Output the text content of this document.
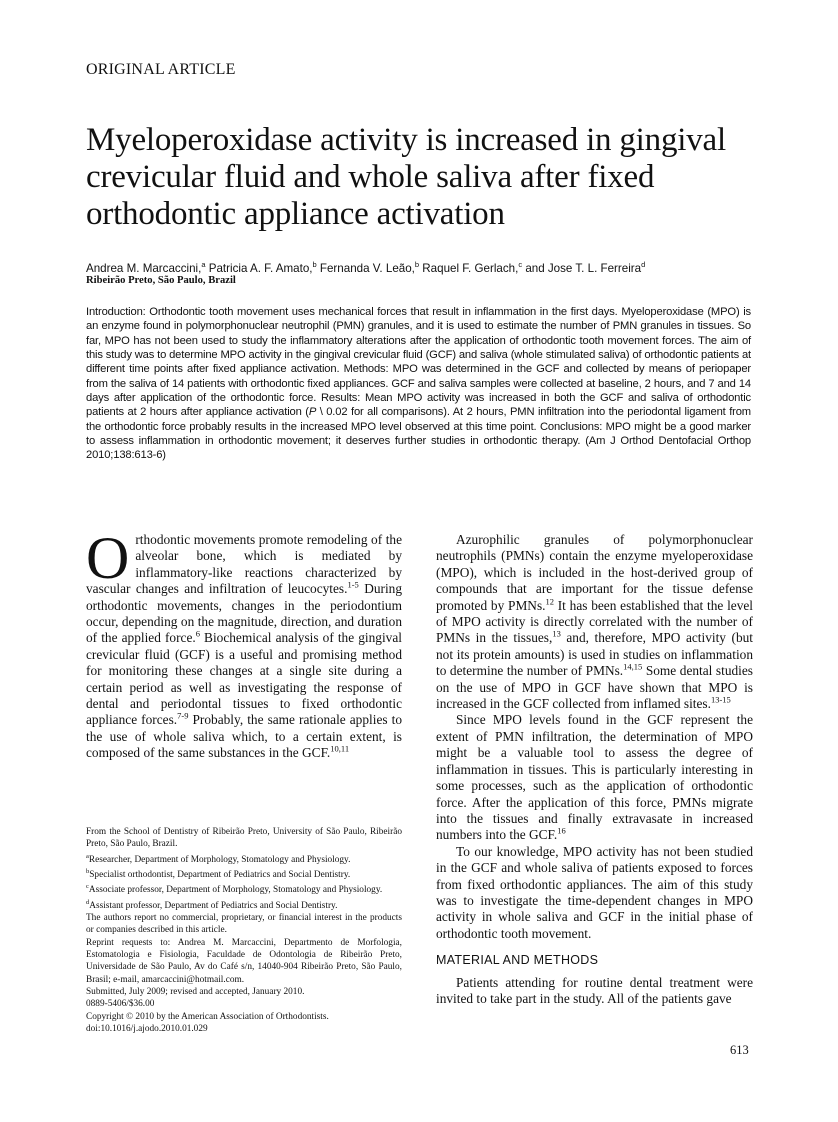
ORIGINAL ARTICLE
Myeloperoxidase activity is increased in gingival crevicular fluid and whole saliva after fixed orthodontic appliance activation
Andrea M. Marcaccini,$^a$ Patricia A. F. Amato,$^b$ Fernanda V. Leão,$^b$ Raquel F. Gerlach,$^c$ and Jose T. L. Ferreira$^d$
Ribeirão Preto, São Paulo, Brazil
Introduction: Orthodontic tooth movement uses mechanical forces that result in inflammation in the first days. Myeloperoxidase (MPO) is an enzyme found in polymorphonuclear neutrophil (PMN) granules, and it is used to estimate the number of PMN granules in tissues. So far, MPO has not been used to study the inflammatory alterations after the application of orthodontic tooth movement forces. The aim of this study was to determine MPO activity in the gingival crevicular fluid (GCF) and saliva (whole stimulated saliva) of orthodontic patients at different time points after fixed appliance activation. Methods: MPO was determined in the GCF and collected by means of periopaper from the saliva of 14 patients with orthodontic fixed appliances. GCF and saliva samples were collected at baseline, 2 hours, and 7 and 14 days after application of the orthodontic force. Results: Mean MPO activity was increased in both the GCF and saliva of orthodontic patients at 2 hours after appliance activation (P \ 0.02 for all comparisons). At 2 hours, PMN infiltration into the periodontal ligament from the orthodontic force probably results in the increased MPO level observed at this time point. Conclusions: MPO might be a good marker to assess inflammation in orthodontic movement; it deserves further studies in orthodontic therapy. (Am J Orthod Dentofacial Orthop 2010;138:613-6)

Orthodontic movements promote remodeling of the alveolar bone, which is mediated by inflammatory-like reactions characterized by vascular changes and infiltration of leucocytes.$^{1-5}$ During orthodontic movements, changes in the periodontium occur, depending on the magnitude, direction, and duration of the applied force.$^6$ Biochemical analysis of the gingival crevicular fluid (GCF) is a useful and promising method for monitoring these changes at a single site during a certain period as well as investigating the response of dental and periodontal tissues to fixed orthodontic appliance forces.$^{7-9}$ Probably, the same rationale applies to the use of whole saliva which, to a certain extent, is composed of the same substances in the GCF.$^{10,11}$

Azurophilic granules of polymorphonuclear neutrophils (PMNs) contain the enzyme myeloperoxidase (MPO), which is included in the host-derived group of compounds that are important for the tissue defense promoted by PMNs.$^{12}$ It has been established that the level of MPO activity is directly correlated with the number of PMNs in the tissues,$^{13}$ and, therefore, MPO activity (but not its protein amounts) is used in studies on inflammation to determine the number of PMNs.$^{14,15}$ Some dental studies on the use of MPO in GCF have shown that MPO is increased in the GCF collected from inflamed sites.$^{13-15}$

Since MPO levels found in the GCF represent the extent of PMN infiltration, the determination of MPO might be a valuable tool to assess the degree of inflammation in tissues. This is particularly interesting in some processes, such as the application of orthodontic force. After the application of this force, PMNs migrate into the tissues and finally extravasate in increased numbers into the GCF.$^{16}$

To our knowledge, MPO activity has not been studied in the GCF and whole saliva of patients exposed to forces from fixed orthodontic appliances. The aim of this study was to investigate the time-dependent changes in MPO activity in whole saliva and GCF in the initial phase of orthodontic tooth movement.

MATERIAL AND METHODS

Patients attending for routine dental treatment were invited to take part in the study. All of the patients gave

From the School of Dentistry of Ribeirão Preto, University of São Paulo, Ribeirão Preto, São Paulo, Brazil.
$^a$Researcher, Department of Morphology, Stomatology and Physiology.
$^b$Specialist orthodontist, Department of Pediatrics and Social Dentistry.
$^c$Associate professor, Department of Morphology, Stomatology and Physiology.
$^d$Assistant professor, Department of Pediatrics and Social Dentistry.
The authors report no commercial, proprietary, or financial interest in the products or companies described in this article.
Reprint requests to: Andrea M. Marcaccini, Departmento de Morfologia, Estomatologia e Fisiologia, Faculdade de Odontologia de Ribeirão Preto, Universidade de São Paulo, Av do Café s/n, 14040-904 Ribeirão Preto, São Paulo, Brasil; e-mail, amarcaccini@hotmail.com.
Submitted, July 2009; revised and accepted, January 2010.
0889-5406/$36.00
Copyright © 2010 by the American Association of Orthodontists.
doi:10.1016/j.ajodo.2010.01.029
613
